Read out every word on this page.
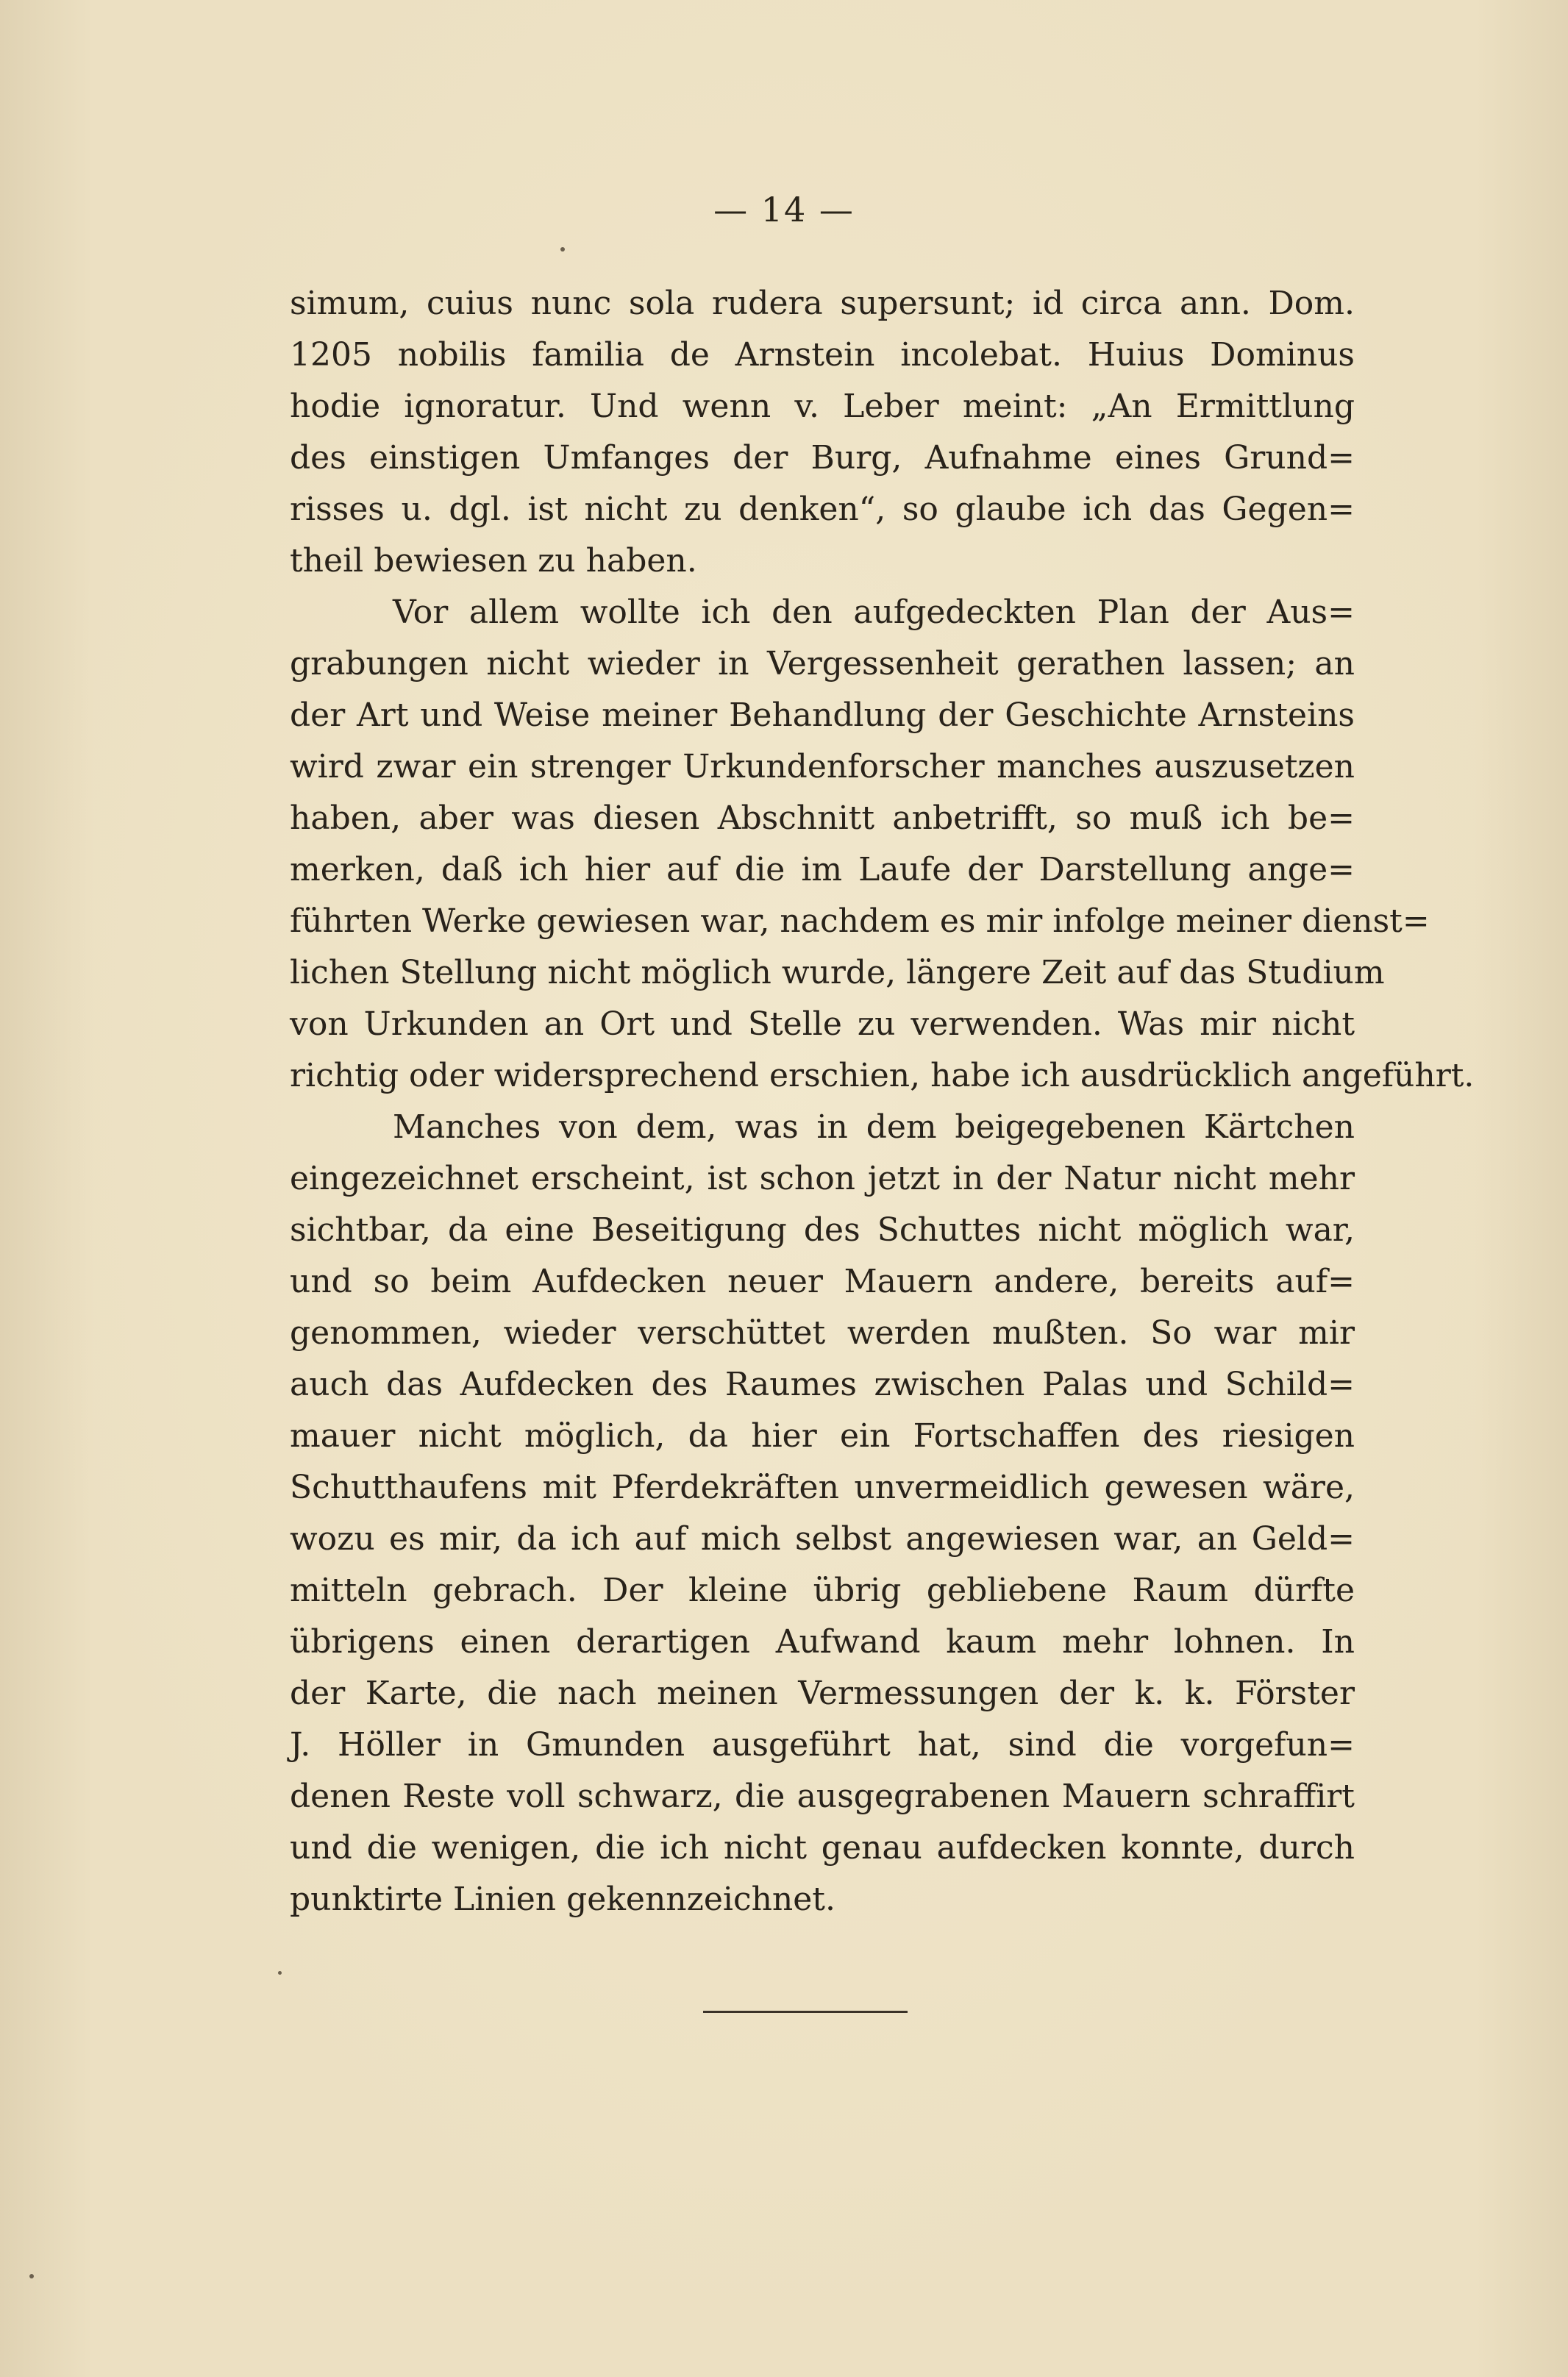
— 14 —
simum, cuius nunc sola rudera supersunt; id circa ann. Dom.
1205 nobilis familia de Arnstein incolebat. Huius Dominus
hodie ignoratur. Und wenn v. Leber meint: „An Ermittlung
des einstigen Umfanges der Burg, Aufnahme eines Grund=
risses u. dgl. ist nicht zu denken“, so glaube ich das Gegen=
theil bewiesen zu haben.
Vor allem wollte ich den aufgedeckten Plan der Aus=
grabungen nicht wieder in Vergessenheit gerathen lassen; an
der Art und Weise meiner Behandlung der Geschichte Arnsteins
wird zwar ein strenger Urkundenforscher manches auszusetzen
haben, aber was diesen Abschnitt anbetrifft, so muß ich be=
merken, daß ich hier auf die im Laufe der Darstellung ange=
führten Werke gewiesen war, nachdem es mir infolge meiner dienst=
lichen Stellung nicht möglich wurde, längere Zeit auf das Studium
von Urkunden an Ort und Stelle zu verwenden. Was mir nicht
richtig oder widersprechend erschien, habe ich ausdrücklich angeführt.
Manches von dem, was in dem beigegebenen Kärtchen
eingezeichnet erscheint, ist schon jetzt in der Natur nicht mehr
sichtbar, da eine Beseitigung des Schuttes nicht möglich war,
und so beim Aufdecken neuer Mauern andere, bereits auf=
genommen, wieder verschüttet werden mußten. So war mir
auch das Aufdecken des Raumes zwischen Palas und Schild=
mauer nicht möglich, da hier ein Fortschaffen des riesigen
Schutthaufens mit Pferdekräften unvermeidlich gewesen wäre,
wozu es mir, da ich auf mich selbst angewiesen war, an Geld=
mitteln gebrach. Der kleine übrig gebliebene Raum dürfte
übrigens einen derartigen Aufwand kaum mehr lohnen. In
der Karte, die nach meinen Vermessungen der k. k. Förster
J. Höller in Gmunden ausgeführt hat, sind die vorgefun=
denen Reste voll schwarz, die ausgegrabenen Mauern schraffirt
und die wenigen, die ich nicht genau aufdecken konnte, durch
punktirte Linien gekennzeichnet.
